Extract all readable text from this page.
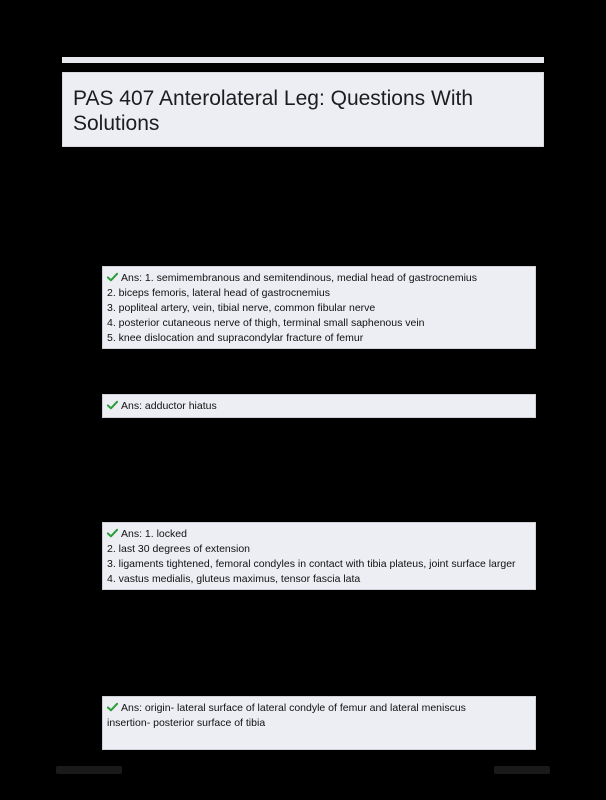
PAS 407 Anterolateral Leg: Questions With Solutions
Ans: 1. semimembranous and semitendinous, medial head of gastrocnemius
2. biceps femoris, lateral head of gastrocnemius
3. popliteal artery, vein, tibial nerve, common fibular nerve
4. posterior cutaneous nerve of thigh, terminal small saphenous vein
5. knee dislocation and supracondylar fracture of femur
Ans: adductor hiatus
Ans: 1. locked
2. last 30 degrees of extension
3. ligaments tightened, femoral condyles in contact with tibia plateus, joint surface larger
4. vastus medialis, gluteus maximus, tensor fascia lata
Ans: origin- lateral surface of lateral condyle of femur and lateral meniscus
insertion- posterior surface of tibia
